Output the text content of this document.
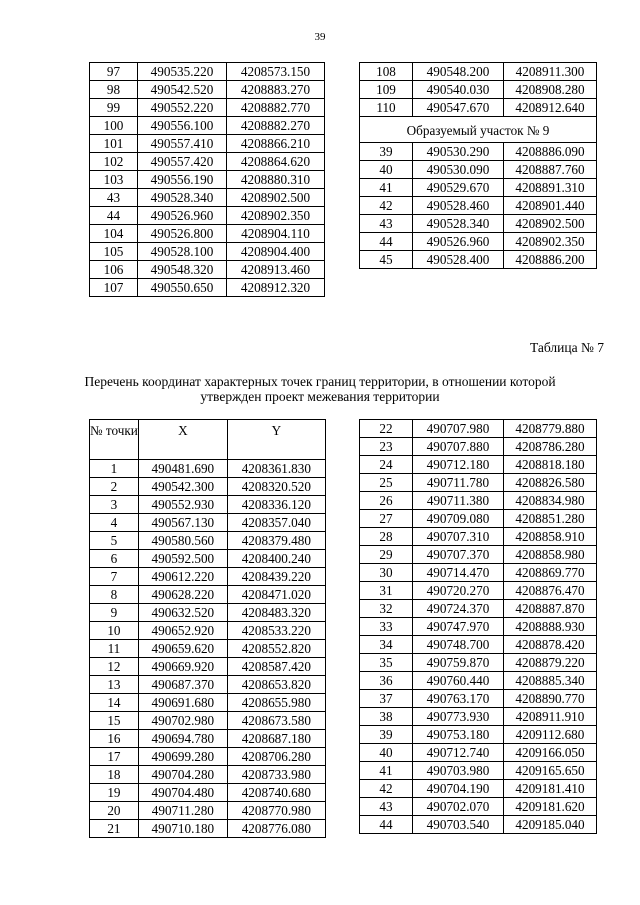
39
97	490535.220	4208573.150
98	490542.520	4208883.270
99	490552.220	4208882.770
100	490556.100	4208882.270
101	490557.410	4208866.210
102	490557.420	4208864.620
103	490556.190	4208880.310
43	490528.340	4208902.500
44	490526.960	4208902.350
104	490526.800	4208904.110
105	490528.100	4208904.400
106	490548.320	4208913.460
107	490550.650	4208912.320
108	490548.200	4208911.300
109	490540.030	4208908.280
110	490547.670	4208912.640
Образуемый участок № 9		
39	490530.290	4208886.090
40	490530.090	4208887.760
41	490529.670	4208891.310
42	490528.460	4208901.440
43	490528.340	4208902.500
44	490526.960	4208902.350
45	490528.400	4208886.200
Таблица № 7
Перечень координат характерных точек границ территории, в отношении которой утвержден проект межевания территории
№ точки	X	Y
1	490481.690	4208361.830
2	490542.300	4208320.520
3	490552.930	4208336.120
4	490567.130	4208357.040
5	490580.560	4208379.480
6	490592.500	4208400.240
7	490612.220	4208439.220
8	490628.220	4208471.020
9	490632.520	4208483.320
10	490652.920	4208533.220
11	490659.620	4208552.820
12	490669.920	4208587.420
13	490687.370	4208653.820
14	490691.680	4208655.980
15	490702.980	4208673.580
16	490694.780	4208687.180
17	490699.280	4208706.280
18	490704.280	4208733.980
19	490704.480	4208740.680
20	490711.280	4208770.980
21	490710.180	4208776.080
22	490707.980	4208779.880
23	490707.880	4208786.280
24	490712.180	4208818.180
25	490711.780	4208826.580
26	490711.380	4208834.980
27	490709.080	4208851.280
28	490707.310	4208858.910
29	490707.370	4208858.980
30	490714.470	4208869.770
31	490720.270	4208876.470
32	490724.370	4208887.870
33	490747.970	4208888.930
34	490748.700	4208878.420
35	490759.870	4208879.220
36	490760.440	4208885.340
37	490763.170	4208890.770
38	490773.930	4208911.910
39	490753.180	4209112.680
40	490712.740	4209166.050
41	490703.980	4209165.650
42	490704.190	4209181.410
43	490702.070	4209181.620
44	490703.540	4209185.040
